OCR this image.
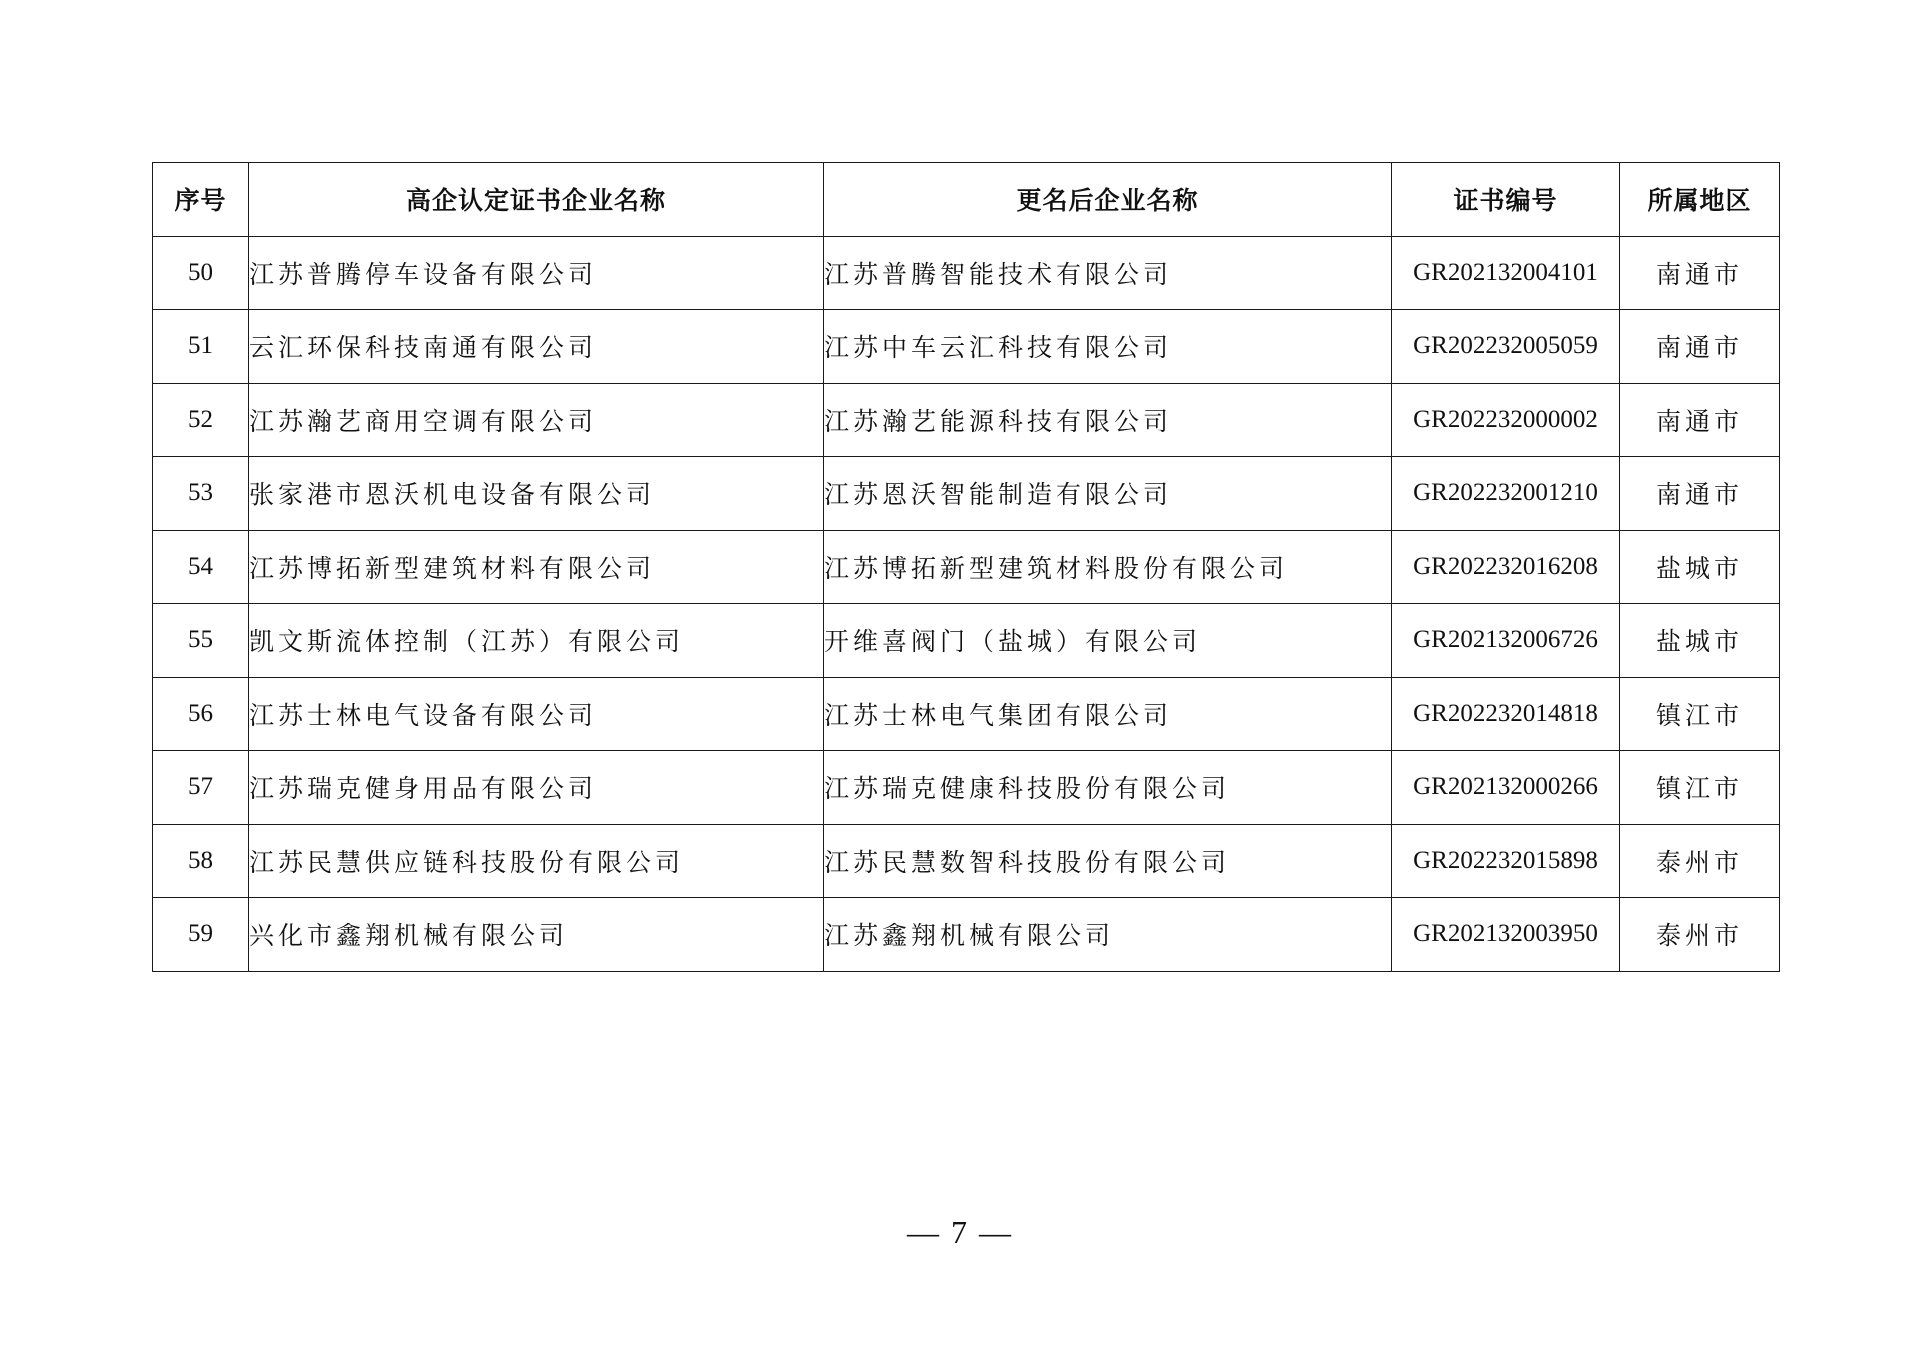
序号	高企认定证书企业名称	更名后企业名称	证书编号	所属地区
50	江苏普腾停车设备有限公司	江苏普腾智能技术有限公司	GR202132004101	南通市
51	云汇环保科技南通有限公司	江苏中车云汇科技有限公司	GR202232005059	南通市
52	江苏瀚艺商用空调有限公司	江苏瀚艺能源科技有限公司	GR202232000002	南通市
53	张家港市恩沃机电设备有限公司	江苏恩沃智能制造有限公司	GR202232001210	南通市
54	江苏博拓新型建筑材料有限公司	江苏博拓新型建筑材料股份有限公司	GR202232016208	盐城市
55	凯文斯流体控制（江苏）有限公司	开维喜阀门（盐城）有限公司	GR202132006726	盐城市
56	江苏士林电气设备有限公司	江苏士林电气集团有限公司	GR202232014818	镇江市
57	江苏瑞克健身用品有限公司	江苏瑞克健康科技股份有限公司	GR202132000266	镇江市
58	江苏民慧供应链科技股份有限公司	江苏民慧数智科技股份有限公司	GR202232015898	泰州市
59	兴化市鑫翔机械有限公司	江苏鑫翔机械有限公司	GR202132003950	泰州市
— 7 —
